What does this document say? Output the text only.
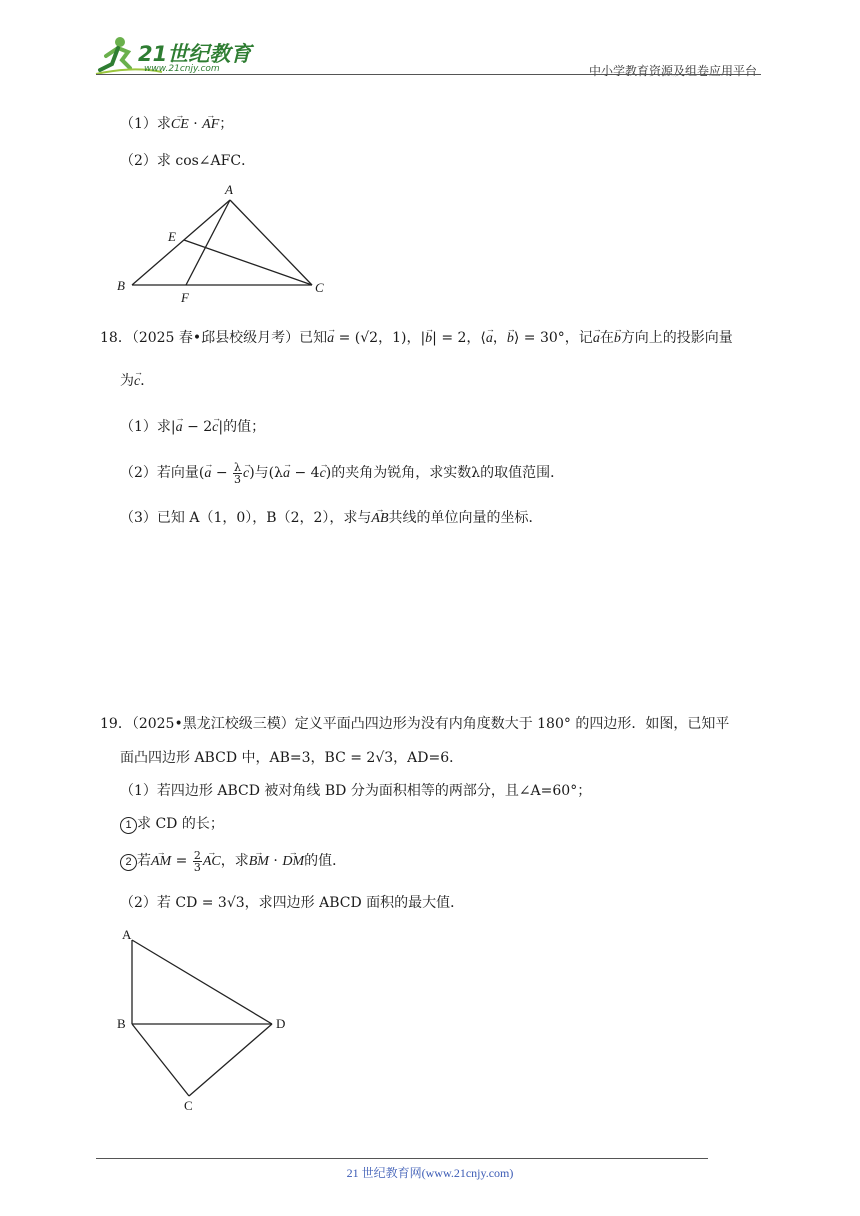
21世纪教育
www.21cnjy.com	中小学教育资源及组卷应用平台
（1）求→ CE · → AF；
（2）求 cos∠AFC．
A
E
B
F
C
18．（2025 春•邱县校级月考）已知→ a = (√2，1)，|→ b| = 2，⟨→ a，→ b⟩ = 30°，记→ a在→ b方向上的投影向量
为→ c．
（1）求|→ a − 2→ c|的值；
（2）若向量(→ $a - \frac{\lambda}{3}$
→ c)与(λ→ a − 4→ c)的夹角为锐角，求实数λ的取值范围．
（3）已知 A（1，0），B（2，2），求与→ AB共线的单位向量的坐标．
19．（2025•黑龙江校级三模）定义平面凸四边形为没有内角度数大于 180° 的四边形．如图，已知平
面凸四边形 ABCD 中，AB=3，BC = 2√3，AD=6．
（1）若四边形 ABCD 被对角线 BD 分为面积相等的两部分，且∠A=60°；
1 求 CD 的长；
2 若→ AM = $\frac{2}{3}$
→ AC，求→ BM · → DM的值．
（2）若 CD = 3√3，求四边形 ABCD 面积的最大值．
A
B	D
C
21 世纪教育网(www.21cnjy.com)
